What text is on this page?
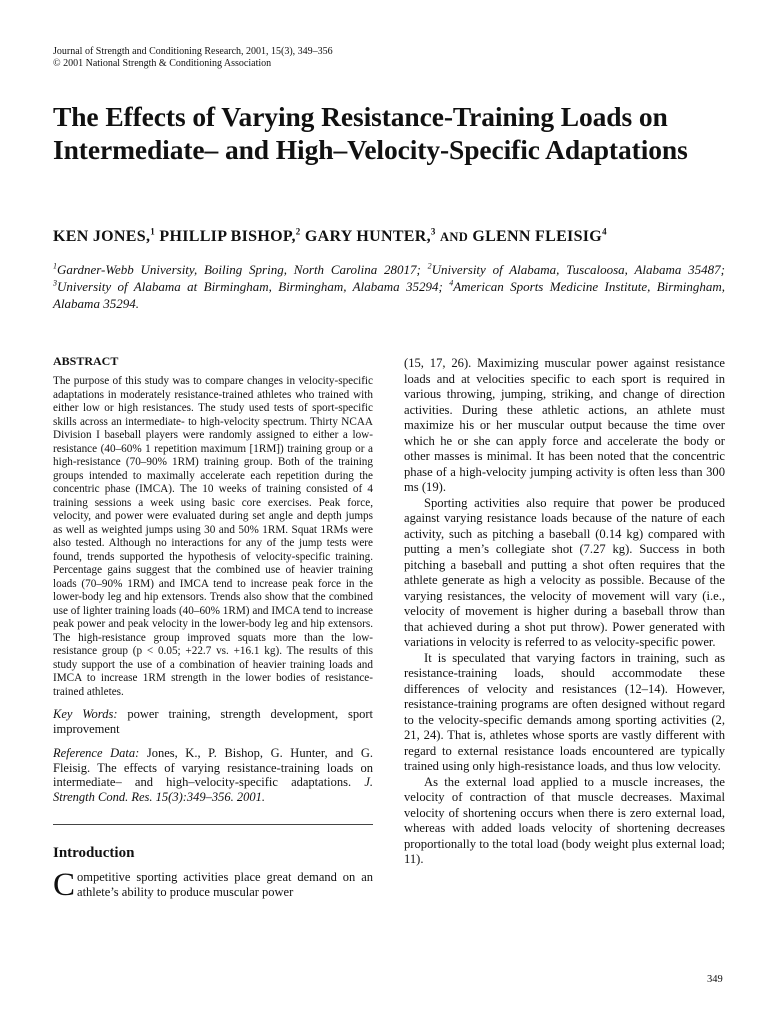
Journal of Strength and Conditioning Research, 2001, 15(3), 349–356
© 2001 National Strength & Conditioning Association
The Effects of Varying Resistance-Training Loads on Intermediate– and High–Velocity-Specific Adaptations
KEN JONES,$^1$ PHILLIP BISHOP,$^2$ GARY HUNTER,$^3$ AND GLENN FLEISIG$^4$
$^1$Gardner-Webb University, Boiling Spring, North Carolina 28017; $^2$University of Alabama, Tuscaloosa, Alabama 35487; $^3$University of Alabama at Birmingham, Birmingham, Alabama 35294; $^4$American Sports Medicine Institute, Birmingham, Alabama 35294.
ABSTRACT

The purpose of this study was to compare changes in velocity-specific adaptations in moderately resistance-trained athletes who trained with either low or high resistances. The study used tests of sport-specific skills across an intermediate- to high-velocity spectrum. Thirty NCAA Division I baseball players were randomly assigned to either a low-resistance (40–60% 1 repetition maximum [1RM]) training group or a high-resistance (70–90% 1RM) training group. Both of the training groups intended to maximally accelerate each repetition during the concentric phase (IMCA). The 10 weeks of training consisted of 4 training sessions a week using basic core exercises. Peak force, velocity, and power were evaluated during set angle and depth jumps as well as weighted jumps using 30 and 50% 1RM. Squat 1RMs were also tested. Although no interactions for any of the jump tests were found, trends supported the hypothesis of velocity-specific training. Percentage gains suggest that the combined use of heavier training loads (70–90% 1RM) and IMCA tend to increase peak force in the lower-body leg and hip extensors. Trends also show that the combined use of lighter training loads (40–60% 1RM) and IMCA tend to increase peak power and peak velocity in the lower-body leg and hip extensors. The high-resistance group improved squats more than the low-resistance group (p < 0.05; +22.7 vs. +16.1 kg). The results of this study support the use of a combination of heavier training loads and IMCA to increase 1RM strength in the lower bodies of resistance-trained athletes.

Key Words: power training, strength development, sport improvement

Reference Data: Jones, K., P. Bishop, G. Hunter, and G. Fleisig. The effects of varying resistance-training loads on intermediate– and high–velocity-specific adaptations. J. Strength Cond. Res. 15(3):349–356. 2001.

Introduction

Competitive sporting activities place great demand on an athlete’s ability to produce muscular power

(15, 17, 26). Maximizing muscular power against resistance loads and at velocities specific to each sport is required in various throwing, jumping, striking, and change of direction activities. During these athletic actions, an athlete must maximize his or her muscular output because the time over which he or she can apply force and accelerate the body or other masses is minimal. It has been noted that the concentric phase of a high-velocity jumping activity is often less than 300 ms (19).

Sporting activities also require that power be produced against varying resistance loads because of the nature of each activity, such as pitching a baseball (0.14 kg) compared with putting a men’s collegiate shot (7.27 kg). Success in both pitching a baseball and putting a shot often requires that the athlete generate as high a velocity as possible. Because of the varying resistances, the velocity of movement will vary (i.e., velocity of movement is higher during a baseball throw than that achieved during a shot put throw). Power generated with variations in velocity is referred to as velocity-specific power.

It is speculated that varying factors in training, such as resistance-training loads, should accommodate these differences of velocity and resistances (12–14). However, resistance-training programs are often designed without regard to the velocity-specific demands among sporting activities (2, 21, 24). That is, athletes whose sports are vastly different with regard to external resistance loads encountered are typically trained using only high-resistance loads, and thus low velocity.

As the external load applied to a muscle increases, the velocity of contraction of that muscle decreases. Maximal velocity of shortening occurs when there is zero external load, whereas with added loads velocity of shortening decreases proportionally to the total load (body weight plus external load; 11).

349
